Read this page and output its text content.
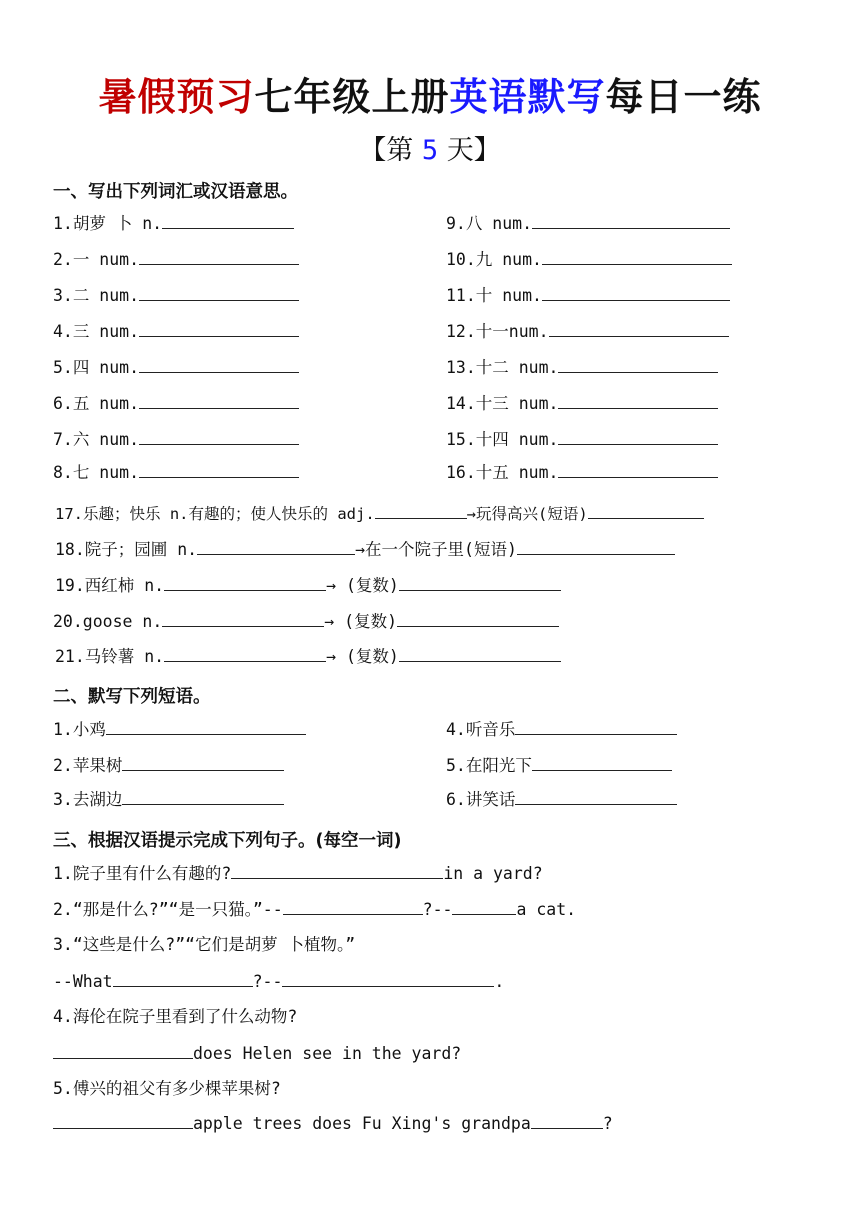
暑假预习七年级上册英语默写每日一练
【第 5 天】
一、写出下列词汇或汉语意思。
1.胡萝 卜 n.
2.一 num.
3.二 num.
4.三 num.
5.四 num.
6.五 num.
7.六 num.
8.七 num.
9.八 num.
10.九 num.
11.十 num.
12.十一num.
13.十二 num.
14.十三 num.
15.十四 num.
16.十五 num.
17.乐趣；快乐 n.有趣的；使人快乐的 adj.	→玩得高兴(短语)
18.院子；园圃 n.	→在一个院子里(短语)
19.西红柿 n.	→ (复数)
20.goose n.	→ (复数)
21.马铃薯 n.	→ (复数)
二、默写下列短语。
1.小鸡
2.苹果树
3.去湖边
4.听音乐
5.在阳光下
6.讲笑话
三、根据汉语提示完成下列句子。(每空一词)
1.院子里有什么有趣的?	in a yard?
2.“那是什么?”“是一只猫。”--	?--	a cat.
3.“这些是什么?”“它们是胡萝 卜植物。”
--What	?--	.
4.海伦在院子里看到了什么动物?
does Helen see in the yard?
5.傅兴的祖父有多少棵苹果树?
apple trees does Fu Xing's grandpa	?
